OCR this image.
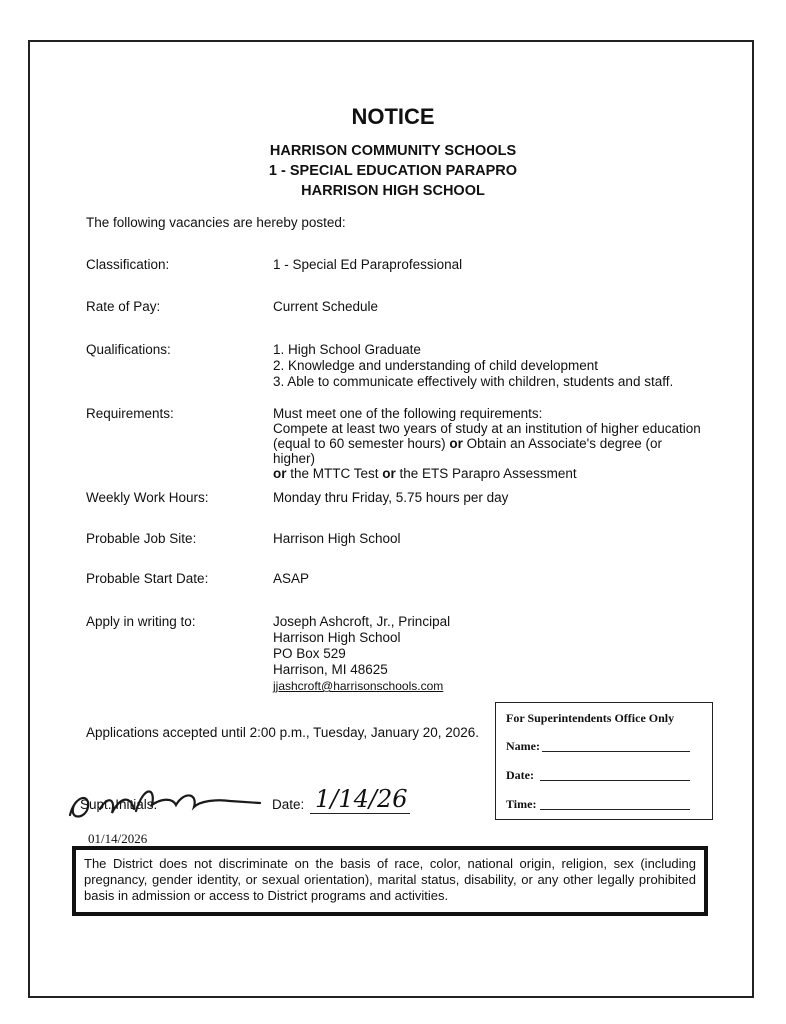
NOTICE
HARRISON COMMUNITY SCHOOLS
1 - SPECIAL EDUCATION PARAPRO
HARRISON HIGH SCHOOL
The following vacancies are hereby posted:
Classification:	1 - Special Ed Paraprofessional
Rate of Pay:	Current Schedule
Qualifications:	1. High School Graduate
2. Knowledge and understanding of child development
3. Able to communicate effectively with children, students and staff.
Requirements:	Must meet one of the following requirements:
Compete at least two years of study at an institution of higher education
(equal to 60 semester hours) or Obtain an Associate's degree (or higher)
or the MTTC Test or the ETS Parapro Assessment
Weekly Work Hours:	Monday thru Friday, 5.75 hours per day
Probable Job Site:	Harrison High School
Probable Start Date:	ASAP
Apply in writing to:	Joseph Ashcroft, Jr., Principal
Harrison High School
PO Box 529
Harrison, MI 48625
jjashcroft@harrisonschools.com
Applications accepted until 2:00 p.m., Tuesday, January 20, 2026.
For Superintendents Office Only
Name:
Date:
Time:
Supt. Initials:	Date: 1/14/26
01/14/2026
The District does not discriminate on the basis of race, color, national origin, religion, sex (including pregnancy, gender identity, or sexual orientation), marital status, disability, or any other legally prohibited basis in admission or access to District programs and activities.
